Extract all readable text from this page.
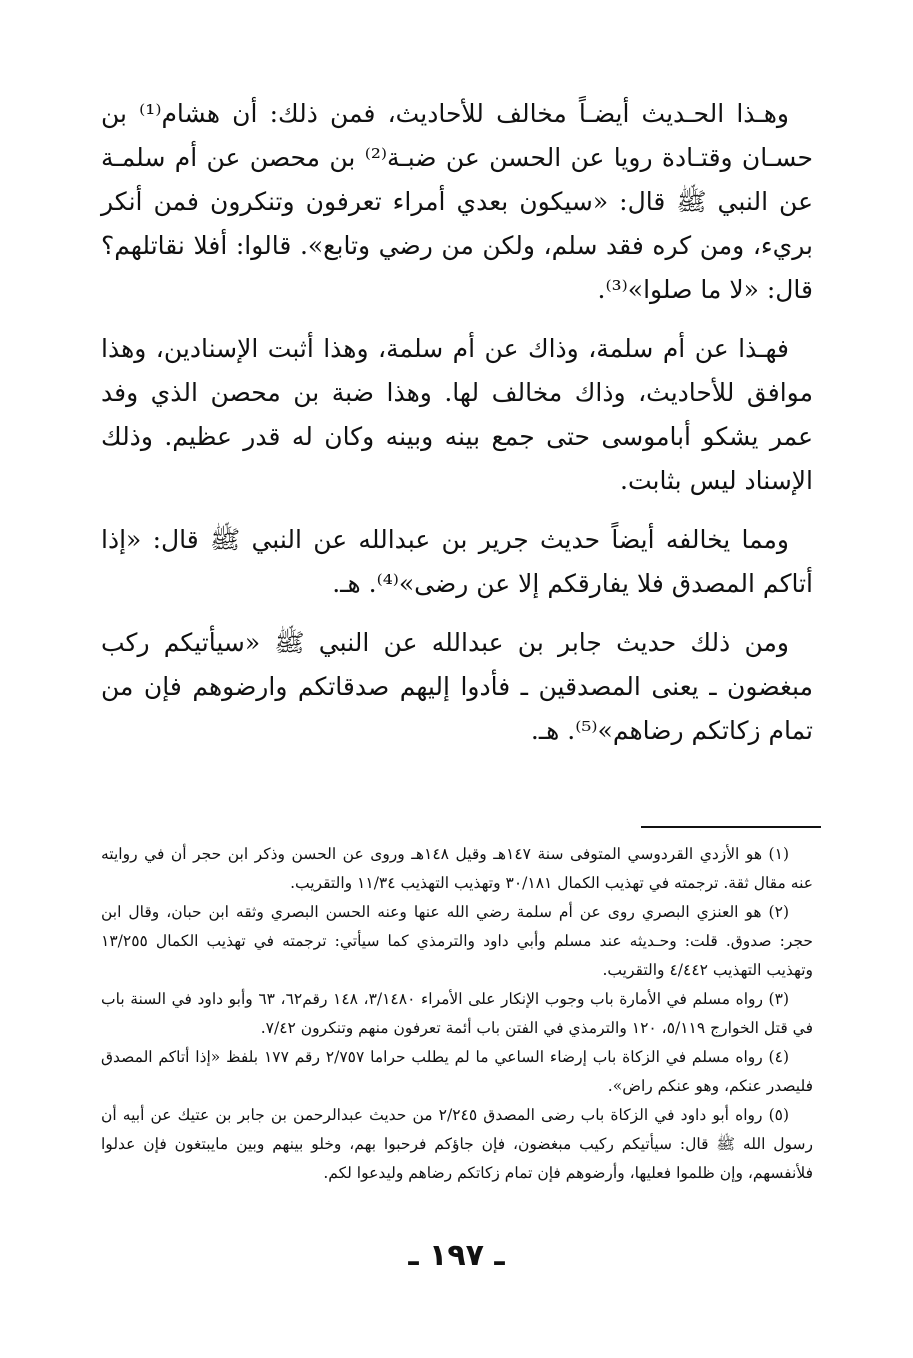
وهـذا الحـديث أيضـاً مخالف للأحاديث، فمن ذلك: أن هشام⁽¹⁾ بن حسـان وقتـادة رويا عن الحسن عن ضبـة⁽²⁾ بن محصن عن أم سلمـة عن النبي ﷺ قال: «سيكون بعدي أمراء تعرفون وتنكرون فمن أنكر بريء، ومن كره فقد سلم، ولكن من رضي وتابع». قالوا: أفلا نقاتلهم؟ قال: «لا ما صلوا»⁽³⁾.

فهـذا عن أم سلمة، وذاك عن أم سلمة، وهذا أثبت الإسنادين، وهذا موافق للأحاديث، وذاك مخالف لها. وهذا ضبة بن محصن الذي وفد عمر يشكو أباموسى حتى جمع بينه وبينه وكان له قدر عظيم. وذلك الإسناد ليس بثابت.

ومما يخالفه أيضاً حديث جرير بن عبدالله عن النبي ﷺ قال: «إذا أتاكم المصدق فلا يفارقكم إلا عن رضى»⁽⁴⁾. هـ.

ومن ذلك حديث جابر بن عبدالله عن النبي ﷺ «سيأتيكم ركب مبغضون ـ يعنى المصدقين ـ فأدوا إليهم صدقاتكم وارضوهم فإن من تمام زكاتكم رضاهم»⁽⁵⁾. هـ.

(١) هو الأزدي القردوسي المتوفى سنة ١٤٧هـ وقيل ١٤٨هـ وروى عن الحسن وذكر ابن حجر أن في روايته عنه مقال ثقة. ترجمته في تهذيب الكمال ٣٠/١٨١ وتهذيب التهذيب ١١/٣٤ والتقريب.

(٢) هو العنزي البصري روى عن أم سلمة رضي الله عنها وعنه الحسن البصري وثقه ابن حبان، وقال ابن حجر: صدوق. قلت: وحـديثه عند مسلم وأبي داود والترمذي كما سيأتي: ترجمته في تهذيب الكمال ١٣/٢٥٥ وتهذيب التهذيب ٤/٤٤٢ والتقريب.

(٣) رواه مسلم في الأمارة باب وجوب الإنكار على الأمراء ٣/١٤٨٠، ١٤٨ رقم٦٢، ٦٣ وأبو داود في السنة باب في قتل الخوارج ٥/١١٩، ١٢٠ والترمذي في الفتن باب أئمة تعرفون منهم وتنكرون ٧/٤٢.

(٤) رواه مسلم في الزكاة باب إرضاء الساعي ما لم يطلب حراما ٢/٧٥٧ رقم ١٧٧ بلفظ «إذا أتاكم المصدق فليصدر عنكم، وهو عنكم راض».

(٥) رواه أبو داود في الزكاة باب رضى المصدق ٢/٢٤٥ من حديث عبدالرحمن بن جابر بن عتيك عن أبيه أن رسول الله ﷺ قال: سيأتيكم ركيب مبغضون، فإن جاؤكم فرحبوا بهم، وخلو بينهم وبين مايبتغون فإن عدلوا فلأنفسهم، وإن ظلموا فعليها، وأرضوهم فإن تمام زكاتكم رضاهم وليدعوا لكم.

ـ ١٩٧ ـ
